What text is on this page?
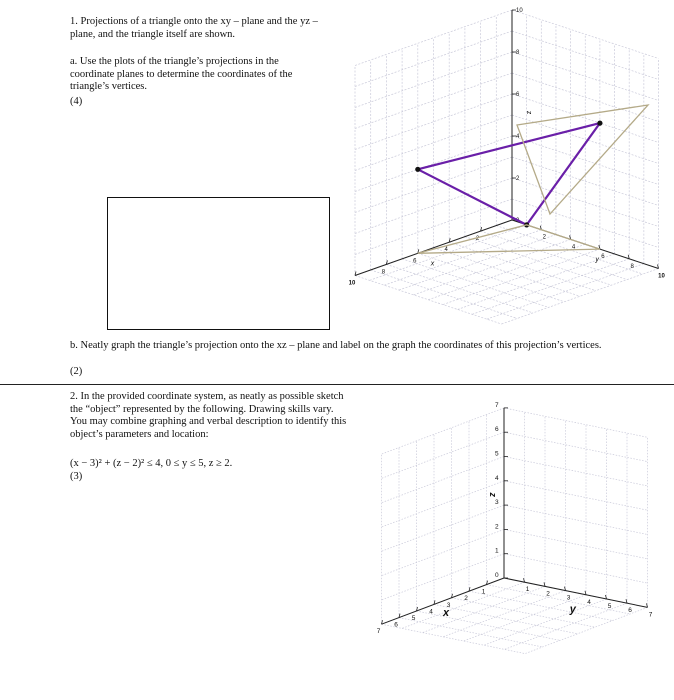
1. Projections of a triangle onto the xy – plane and the yz – plane, and the triangle itself are shown.
a. Use the plots of the triangle’s projections in the coordinate planes to determine the coordinates of the triangle’s vertices.
(4)
b. Neatly graph the triangle’s projection onto the xz – plane and label on the graph the coordinates of this projection’s vertices.
(2)
2. In the provided coordinate system, as neatly as possible sketch the “object” represented by the following. Drawing skills vary. You may combine graphing and verbal description to identify this object’s parameters and location:
(x − 3)² + (z − 2)² ≤ 4, 0 ≤ y ≤ 5, z ≥ 2.
(3)
0
2
4
6
8
10
z
2
4
6
8
10
x
2
4
6
8
10
y
0
1
2
3
4
5
6
7
z
1
2
3
4
5
6
7
x
1
2
3
4
5
6
7
y
